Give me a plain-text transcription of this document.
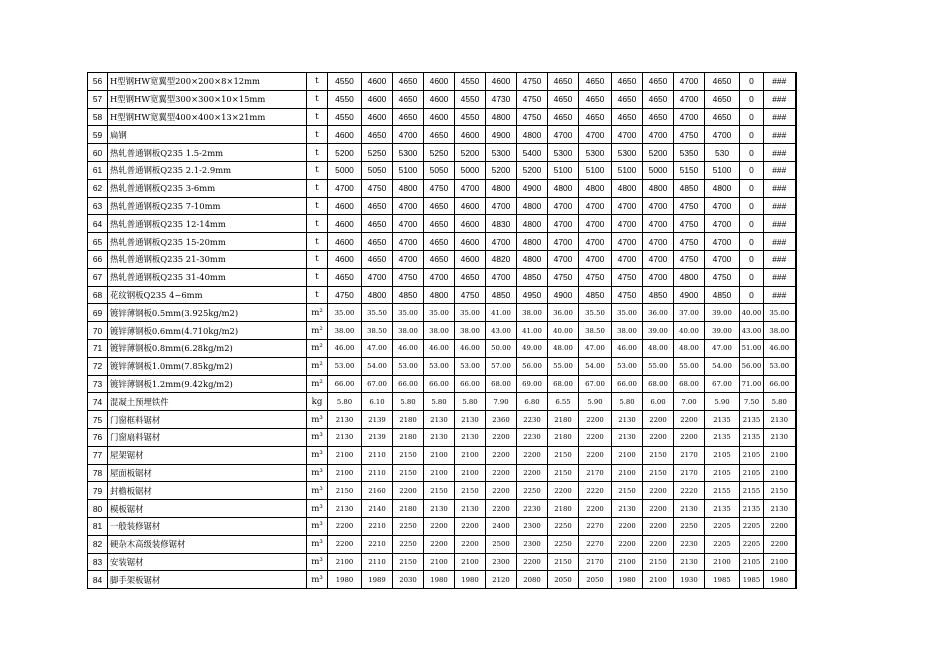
56	H型钢HW宽翼型200×200×8×12mm	t	4550	4600	4650	4600	4550	4600	4750	4650	4650	4650	4650	4700	4650	0	###
57	H型钢HW宽翼型300×300×10×15mm	t	4550	4600	4650	4600	4550	4730	4750	4650	4650	4650	4650	4700	4650	0	###
58	H型钢HW宽翼型400×400×13×21mm	t	4550	4600	4650	4600	4550	4800	4750	4650	4650	4650	4650	4700	4650	0	###
59	扁钢	t	4600	4650	4700	4650	4600	4900	4800	4700	4700	4700	4700	4750	4700	0	###
60	热轧普通钢板Q235 1.5-2mm	t	5200	5250	5300	5250	5200	5300	5400	5300	5300	5300	5200	5350	530	0	###
61	热轧普通钢板Q235 2.1-2.9mm	t	5000	5050	5100	5050	5000	5200	5200	5100	5100	5100	5000	5150	5100	0	###
62	热轧普通钢板Q235 3-6mm	t	4700	4750	4800	4750	4700	4800	4900	4800	4800	4800	4800	4850	4800	0	###
63	热轧普通钢板Q235 7-10mm	t	4600	4650	4700	4650	4600	4700	4800	4700	4700	4700	4700	4750	4700	0	###
64	热轧普通钢板Q235 12-14mm	t	4600	4650	4700	4650	4600	4830	4800	4700	4700	4700	4700	4750	4700	0	###
65	热轧普通钢板Q235 15-20mm	t	4600	4650	4700	4650	4600	4700	4800	4700	4700	4700	4700	4750	4700	0	###
66	热轧普通钢板Q235 21-30mm	t	4600	4650	4700	4650	4600	4820	4800	4700	4700	4700	4700	4750	4700	0	###
67	热轧普通钢板Q235 31-40mm	t	4650	4700	4750	4700	4650	4700	4850	4750	4750	4750	4700	4800	4750	0	###
68	花纹钢板Q235 4~6mm	t	4750	4800	4850	4800	4750	4850	4950	4900	4850	4750	4850	4900	4850	0	###
69	镀锌薄钢板0.5mm(3.925kg/m2)	m²	35.00	35.50	35.00	35.00	35.00	41.00	38.00	36.00	35.50	35.00	36.00	37.00	39.00	40.00	35.00
70	镀锌薄钢板0.6mm(4.710kg/m2)	m²	38.00	38.50	38.00	38.00	38.00	43.00	41.00	40.00	38.50	38.00	39.00	40.00	39.00	43.00	38.00
71	镀锌薄钢板0.8mm(6.28kg/m2)	m²	46.00	47.00	46.00	46.00	46.00	50.00	49.00	48.00	47.00	46.00	48.00	48.00	47.00	51.00	46.00
72	镀锌薄钢板1.0mm(7.85kg/m2)	m²	53.00	54.00	53.00	53.00	53.00	57.00	56.00	55.00	54.00	53.00	55.00	55.00	54.00	56.00	53.00
73	镀锌薄钢板1.2mm(9.42kg/m2)	m²	66.00	67.00	66.00	66.00	66.00	68.00	69.00	68.00	67.00	66.00	68.00	68.00	67.00	71.00	66.00
74	混凝土预埋铁件	kg	5.80	6.10	5.80	5.80	5.80	7.90	6.80	6.55	5.90	5.80	6.00	7.00	5.90	7.50	5.80
75	门窗框料锯材	m³	2130	2139	2180	2130	2130	2360	2230	2180	2200	2130	2200	2200	2135	2135	2130
76	门窗扇料锯材	m³	2130	2139	2180	2130	2130	2200	2230	2180	2200	2130	2200	2200	2135	2135	2130
77	屋架锯材	m³	2100	2110	2150	2100	2100	2200	2200	2150	2200	2100	2150	2170	2105	2105	2100
78	屋面板锯材	m³	2100	2110	2150	2100	2100	2200	2200	2150	2170	2100	2150	2170	2105	2105	2100
79	封檐板锯材	m³	2150	2160	2200	2150	2150	2200	2250	2200	2220	2150	2200	2220	2155	2155	2150
80	模板锯材	m³	2130	2140	2180	2130	2130	2200	2230	2180	2200	2130	2200	2130	2135	2135	2130
81	一般装修锯材	m³	2200	2210	2250	2200	2200	2400	2300	2250	2270	2200	2200	2250	2205	2205	2200
82	硬杂木高级装修锯材	m³	2200	2210	2250	2200	2200	2500	2300	2250	2270	2200	2200	2230	2205	2205	2200
83	安装锯材	m³	2100	2110	2150	2100	2100	2300	2200	2150	2170	2100	2150	2130	2100	2105	2100
84	脚手架板锯材	m³	1980	1989	2030	1980	1980	2120	2080	2050	2050	1980	2100	1930	1985	1985	1980
